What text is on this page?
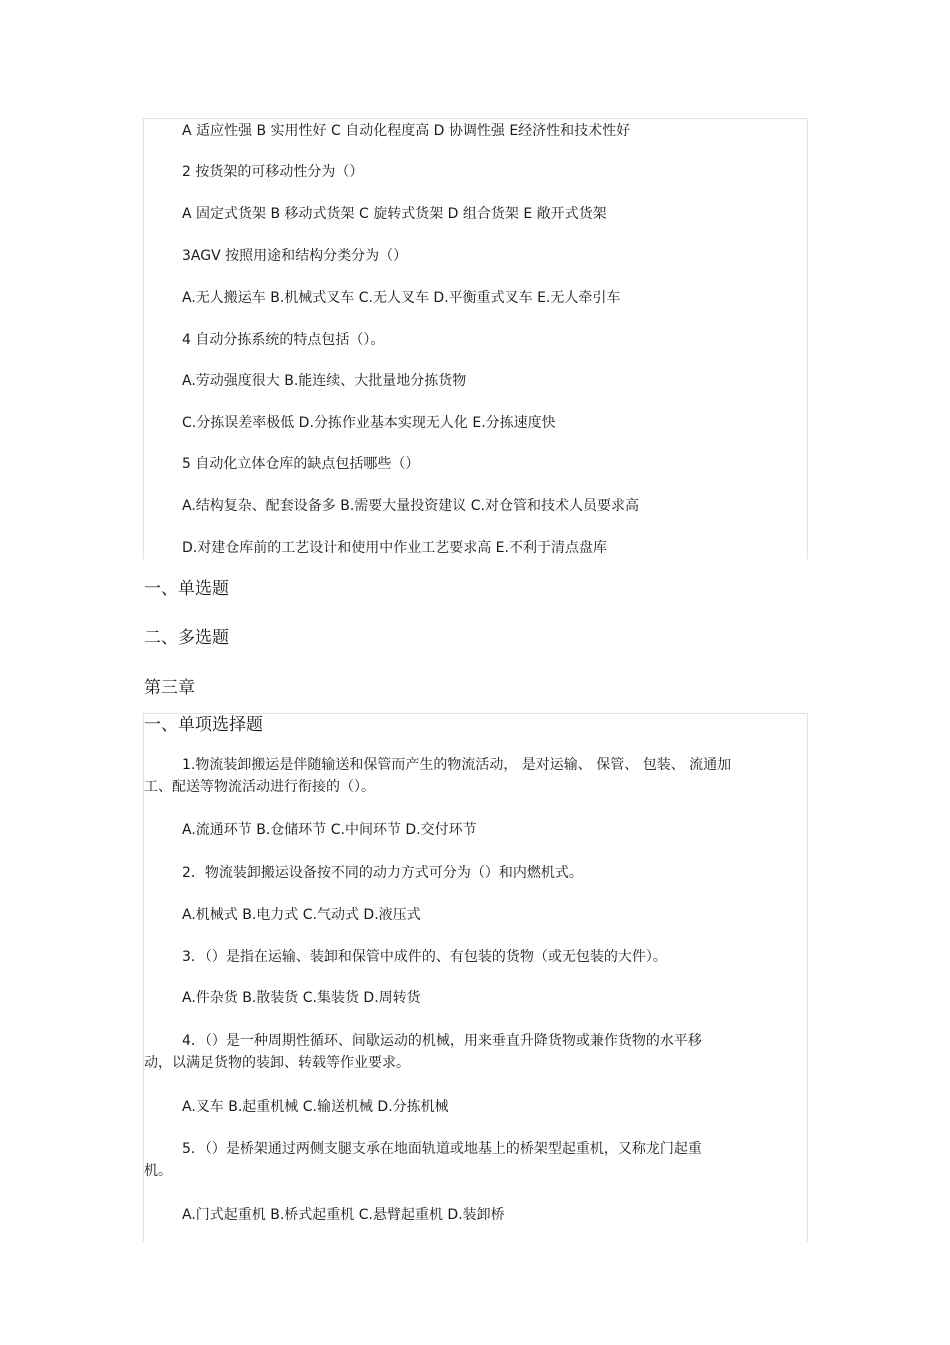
A 适应性强 B 实用性好 C 自动化程度高 D 协调性强 E经济性和技术性好
2 按货架的可移动性分为（）
A 固定式货架 B 移动式货架 C 旋转式货架 D 组合货架 E 敞开式货架
3AGV 按照用途和结构分类分为（）
A.无人搬运车 B.机械式叉车 C.无人叉车 D.平衡重式叉车 E.无人牵引车
4 自动分拣系统的特点包括（）。
A.劳动强度很大 B.能连续、大批量地分拣货物
C.分拣误差率极低 D.分拣作业基本实现无人化 E.分拣速度快
5 自动化立体仓库的缺点包括哪些（）
A.结构复杂、配套设备多 B.需要大量投资建议 C.对仓管和技术人员要求高
D.对建仓库前的工艺设计和使用中作业工艺要求高 E.不利于清点盘库
一、单选题
二、多选题
第三章
一、单项选择题
1.物流装卸搬运是伴随输送和保管而产生的物流活动， 是对运输、 保管、 包装、 流通加
工、配送等物流活动进行衔接的（）。
A.流通环节 B.仓储环节 C.中间环节 D.交付环节
2．物流装卸搬运设备按不同的动力方式可分为（）和内燃机式。
A.机械式 B.电力式 C.气动式 D.液压式
3．（）是指在运输、装卸和保管中成件的、有包装的货物（或无包装的大件）。
A.件杂货 B.散装货 C.集装货 D.周转货
4．（）是一种周期性循环、间歇运动的机械，用来垂直升降货物或兼作货物的水平移
动，以满足货物的装卸、转载等作业要求。
A.叉车 B.起重机械 C.输送机械 D.分拣机械
5．（）是桥架通过两侧支腿支承在地面轨道或地基上的桥架型起重机，又称龙门起重
机。
A.门式起重机 B.桥式起重机 C.悬臂起重机 D.装卸桥
